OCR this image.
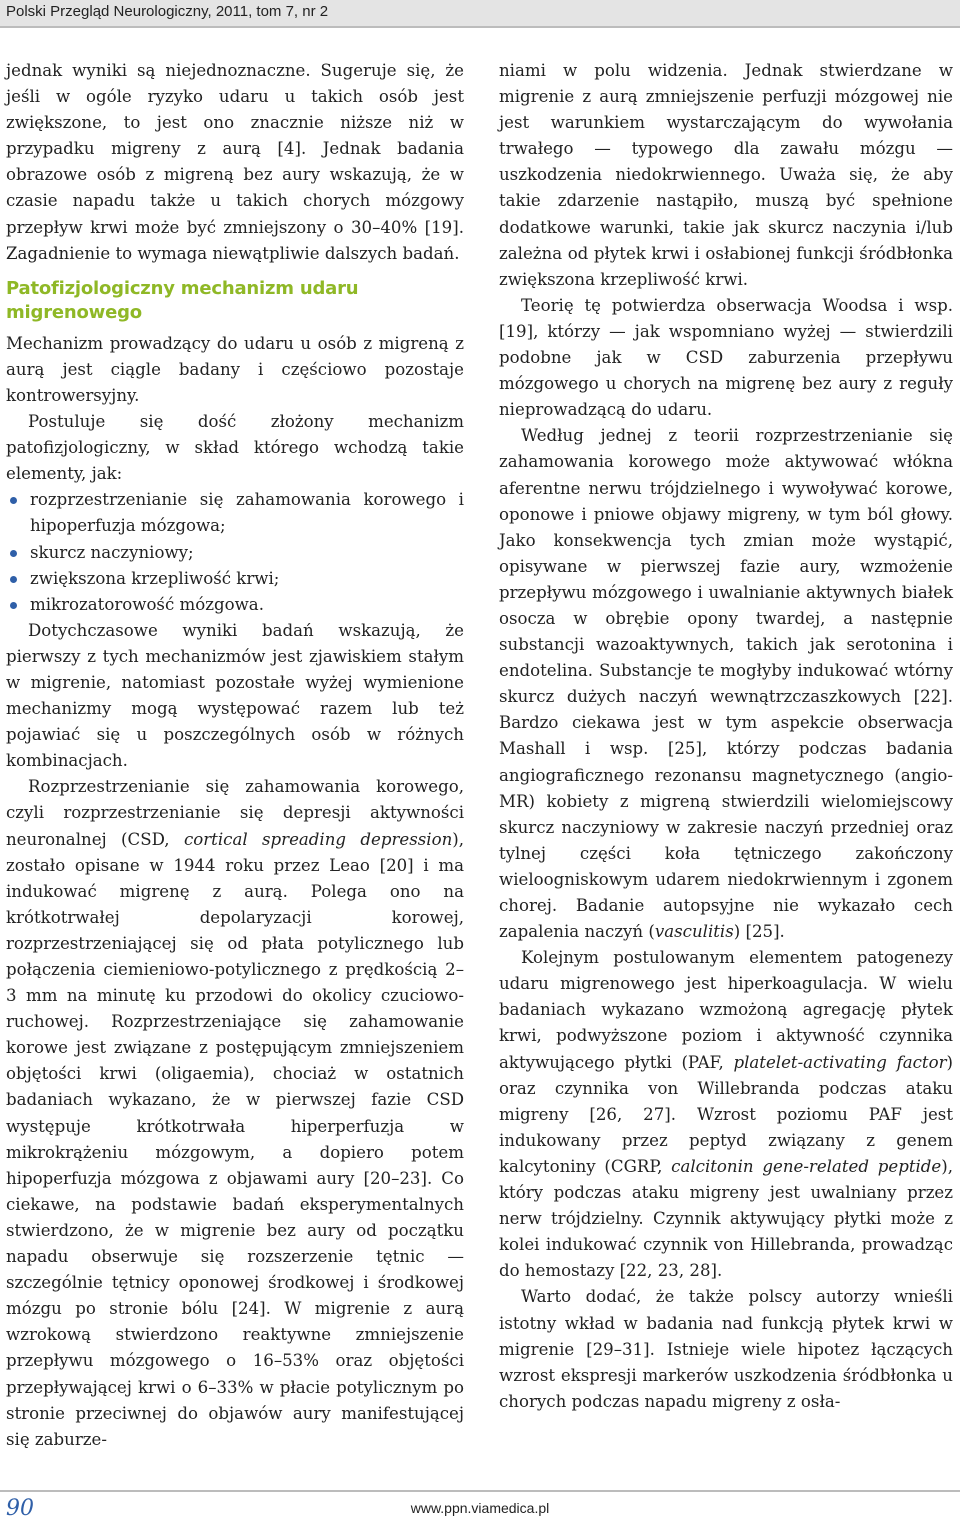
Polski Przegląd Neurologiczny, 2011, tom 7, nr 2

jednak wyniki są niejednoznaczne. Sugeruje się, że jeśli w ogóle ryzyko udaru u takich osób jest zwiększone, to jest ono znacznie niższe niż w przypadku migreny z aurą [4]. Jednak badania obrazowe osób z migreną bez aury wskazują, że w czasie napadu także u takich chorych mózgowy przepływ krwi może być zmniejszony o 30–40% [19]. Zagadnienie to wymaga niewątpliwie dalszych badań.

Patofizjologiczny mechanizm udaru migrenowego

Mechanizm prowadzący do udaru u osób z migreną z aurą jest ciągle badany i częściowo pozostaje kontrowersyjny.

Postuluje się dość złożony mechanizm patofizjologiczny, w skład którego wchodzą takie elementy, jak:

rozprzestrzenianie się zahamowania korowego i hipoperfuzja mózgowa;
skurcz naczyniowy;
zwiększona krzepliwość krwi;
mikrozatorowość mózgowa.

Dotychczasowe wyniki badań wskazują, że pierwszy z tych mechanizmów jest zjawiskiem stałym w migrenie, natomiast pozostałe wyżej wymienione mechanizmy mogą występować razem lub też pojawiać się u poszczególnych osób w różnych kombinacjach.

Rozprzestrzenianie się zahamowania korowego, czyli rozprzestrzenianie się depresji aktywności neuronalnej (CSD, cortical spreading depression), zostało opisane w 1944 roku przez Leao [20] i ma indukować migrenę z aurą. Polega ono na krótkotrwałej depolaryzacji korowej, rozprzestrzeniającej się od płata potylicznego lub połączenia ciemieniowo-potylicznego z prędkością 2–3 mm na minutę ku przodowi do okolicy czuciowo-ruchowej. Rozprzestrzeniające się zahamowanie korowe jest związane z postępującym zmniejszeniem objętości krwi (oligaemia), chociaż w ostatnich badaniach wykazano, że w pierwszej fazie CSD występuje krótkotrwała hiperperfuzja w mikrokrążeniu mózgowym, a dopiero potem hipoperfuzja mózgowa z objawami aury [20–23]. Co ciekawe, na podstawie badań eksperymentalnych stwierdzono, że w migrenie bez aury od początku napadu obserwuje się rozszerzenie tętnic — szczególnie tętnicy oponowej środkowej i środkowej mózgu po stronie bólu [24]. W migrenie z aurą wzrokową stwierdzono reaktywne zmniejszenie przepływu mózgowego o 16–53% oraz objętości przepływającej krwi o 6–33% w płacie potylicznym po stronie przeciwnej do objawów aury manifestującej się zaburze-

niami w polu widzenia. Jednak stwierdzane w migrenie z aurą zmniejszenie perfuzji mózgowej nie jest warunkiem wystarczającym do wywołania trwałego — typowego dla zawału mózgu — uszkodzenia niedokrwiennego. Uważa się, że aby takie zdarzenie nastąpiło, muszą być spełnione dodatkowe warunki, takie jak skurcz naczynia i/lub zależna od płytek krwi i osłabionej funkcji śródbłonka zwiększona krzepliwość krwi.

Teorię tę potwierdza obserwacja Woodsa i wsp. [19], którzy — jak wspomniano wyżej — stwierdzili podobne jak w CSD zaburzenia przepływu mózgowego u chorych na migrenę bez aury z reguły nieprowadzącą do udaru.

Według jednej z teorii rozprzestrzenianie się zahamowania korowego może aktywować włókna aferentne nerwu trójdzielnego i wywoływać korowe, oponowe i pniowe objawy migreny, w tym ból głowy. Jako konsekwencja tych zmian może wystąpić, opisywane w pierwszej fazie aury, wzmożenie przepływu mózgowego i uwalnianie aktywnych białek osocza w obrębie opony twardej, a następnie substancji wazoaktywnych, takich jak serotonina i endotelina. Substancje te mogłyby indukować wtórny skurcz dużych naczyń wewnątrzczaszkowych [22]. Bardzo ciekawa jest w tym aspekcie obserwacja Mashall i wsp. [25], którzy podczas badania angiograficznego rezonansu magnetycznego (angio-MR) kobiety z migreną stwierdzili wielomiejscowy skurcz naczyniowy w zakresie naczyń przedniej oraz tylnej części koła tętniczego zakończony wieloogniskowym udarem niedokrwiennym i zgonem chorej. Badanie autopsyjne nie wykazało cech zapalenia naczyń (vasculitis) [25].

Kolejnym postulowanym elementem patogenezy udaru migrenowego jest hiperkoagulacja. W wielu badaniach wykazano wzmożoną agregację płytek krwi, podwyższone poziom i aktywność czynnika aktywującego płytki (PAF, platelet-activating factor) oraz czynnika von Willebranda podczas ataku migreny [26, 27]. Wzrost poziomu PAF jest indukowany przez peptyd związany z genem kalcytoniny (CGRP, calcitonin gene-related peptide), który podczas ataku migreny jest uwalniany przez nerw trójdzielny. Czynnik aktywujący płytki może z kolei indukować czynnik von Hillebranda, prowadząc do hemostazy [22, 23, 28].

Warto dodać, że także polscy autorzy wnieśli istotny wkład w badania nad funkcją płytek krwi w migrenie [29–31]. Istnieje wiele hipotez łączących wzrost ekspresji markerów uszkodzenia śródbłonka u chorych podczas napadu migreny z osła-

90	www.ppn.viamedica.pl
